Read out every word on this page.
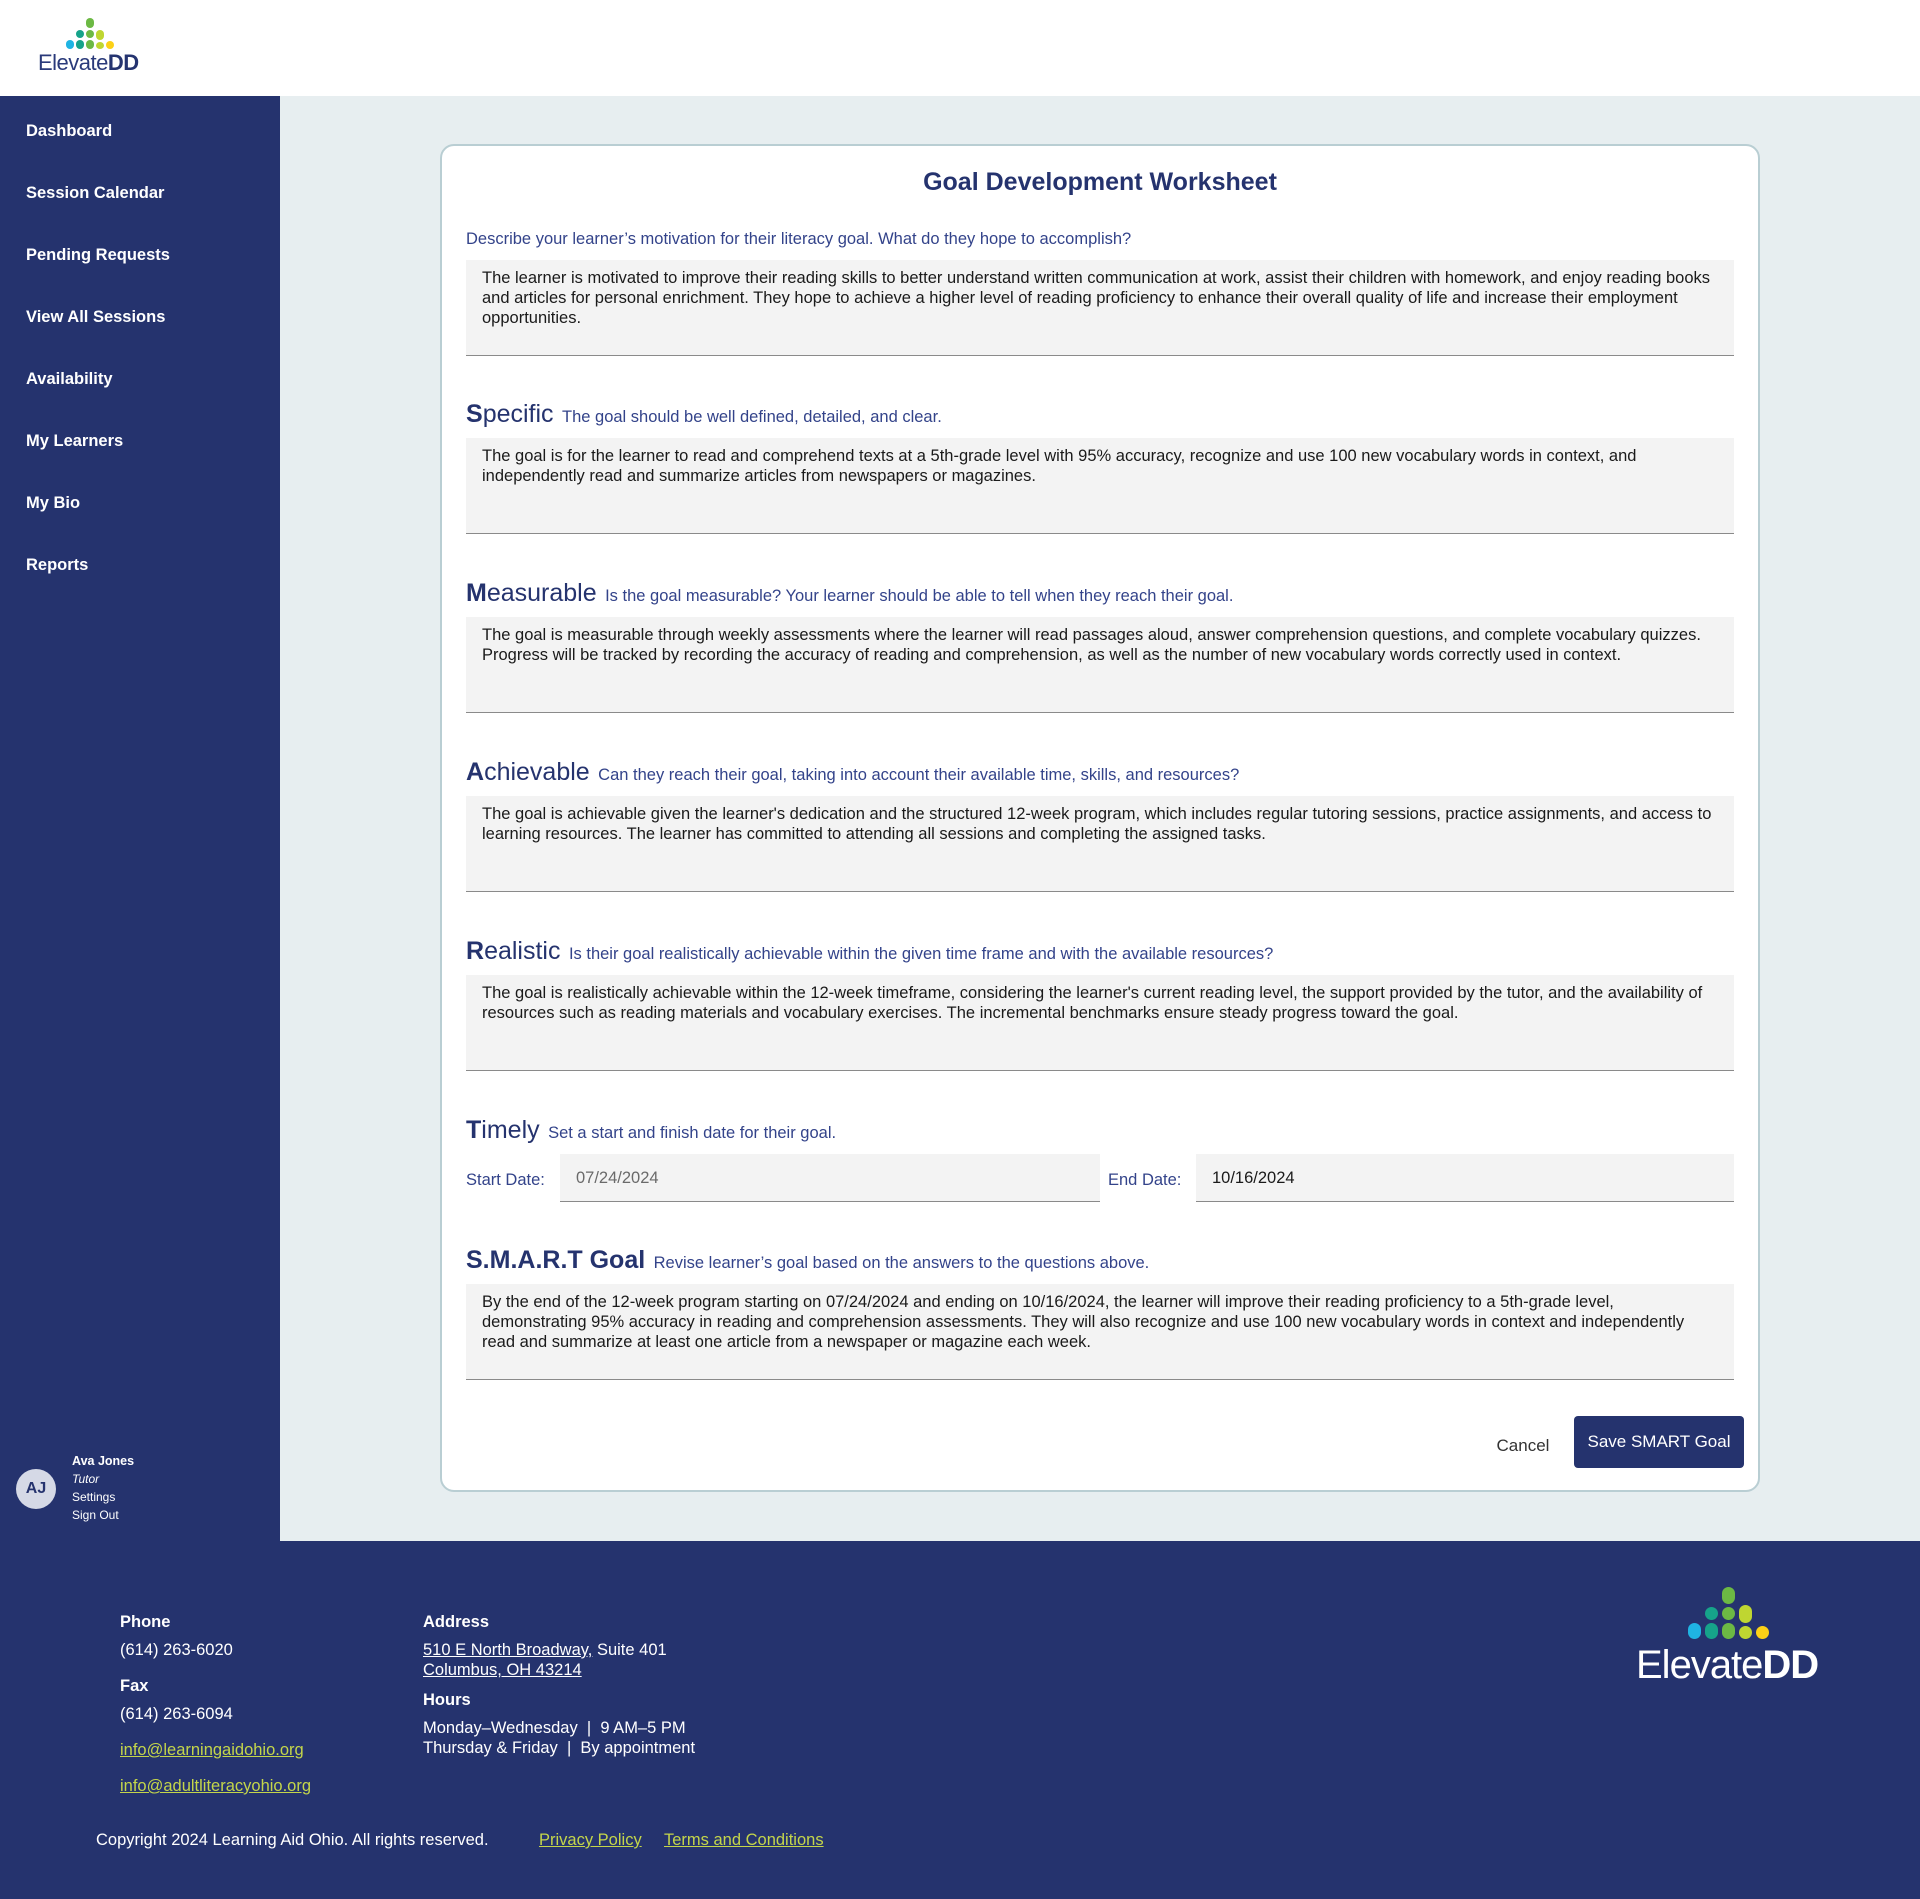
ElevateDD
Dashboard
Session Calendar
Pending Requests
View All Sessions
Availability
My Learners
My Bio
Reports
AJ
Ava Jones
Tutor
Settings
Sign Out
Goal Development Worksheet
Describe your learner’s motivation for their literacy goal. What do they hope to accomplish?
The learner is motivated to improve their reading skills to better understand written communication at work, assist their children with homework, and enjoy reading books and articles for personal enrichment. They hope to achieve a higher level of reading proficiency to enhance their overall quality of life and increase their employment opportunities.
Specific The goal should be well defined, detailed, and clear.
The goal is for the learner to read and comprehend texts at a 5th-grade level with 95% accuracy, recognize and use 100 new vocabulary words in context, and independently read and summarize articles from newspapers or magazines.
Measurable Is the goal measurable? Your learner should be able to tell when they reach their goal.
The goal is measurable through weekly assessments where the learner will read passages aloud, answer comprehension questions, and complete vocabulary quizzes. Progress will be tracked by recording the accuracy of reading and comprehension, as well as the number of new vocabulary words correctly used in context.
Achievable Can they reach their goal, taking into account their available time, skills, and resources?
The goal is achievable given the learner's dedication and the structured 12-week program, which includes regular tutoring sessions, practice assignments, and access to learning resources. The learner has committed to attending all sessions and completing the assigned tasks.
Realistic Is their goal realistically achievable within the given time frame and with the available resources?
The goal is realistically achievable within the 12-week timeframe, considering the learner's current reading level, the support provided by the tutor, and the availability of resources such as reading materials and vocabulary exercises. The incremental benchmarks ensure steady progress toward the goal.
Timely Set a start and finish date for their goal.
Start Date:	07/24/2024	End Date:	10/16/2024
S.M.A.R.T Goal Revise learner’s goal based on the answers to the questions above.
By the end of the 12-week program starting on 07/24/2024 and ending on 10/16/2024, the learner will improve their reading proficiency to a 5th-grade level, demonstrating 95% accuracy in reading and comprehension assessments. They will also recognize and use 100 new vocabulary words in context and independently read and summarize at least one article from a newspaper or magazine each week.
Cancel	Save SMART Goal
Phone
(614) 263-6020
Fax
(614) 263-6094
info@learningaidohio.org
info@adultliteracyohio.org
Address
510 E North Broadway, Suite 401
Columbus, OH 43214
Hours
Monday–Wednesday  |  9 AM–5 PM
Thursday & Friday  |  By appointment
Copyright 2024 Learning Aid Ohio. All rights reserved.	Privacy Policy Terms and Conditions
ElevateDD
